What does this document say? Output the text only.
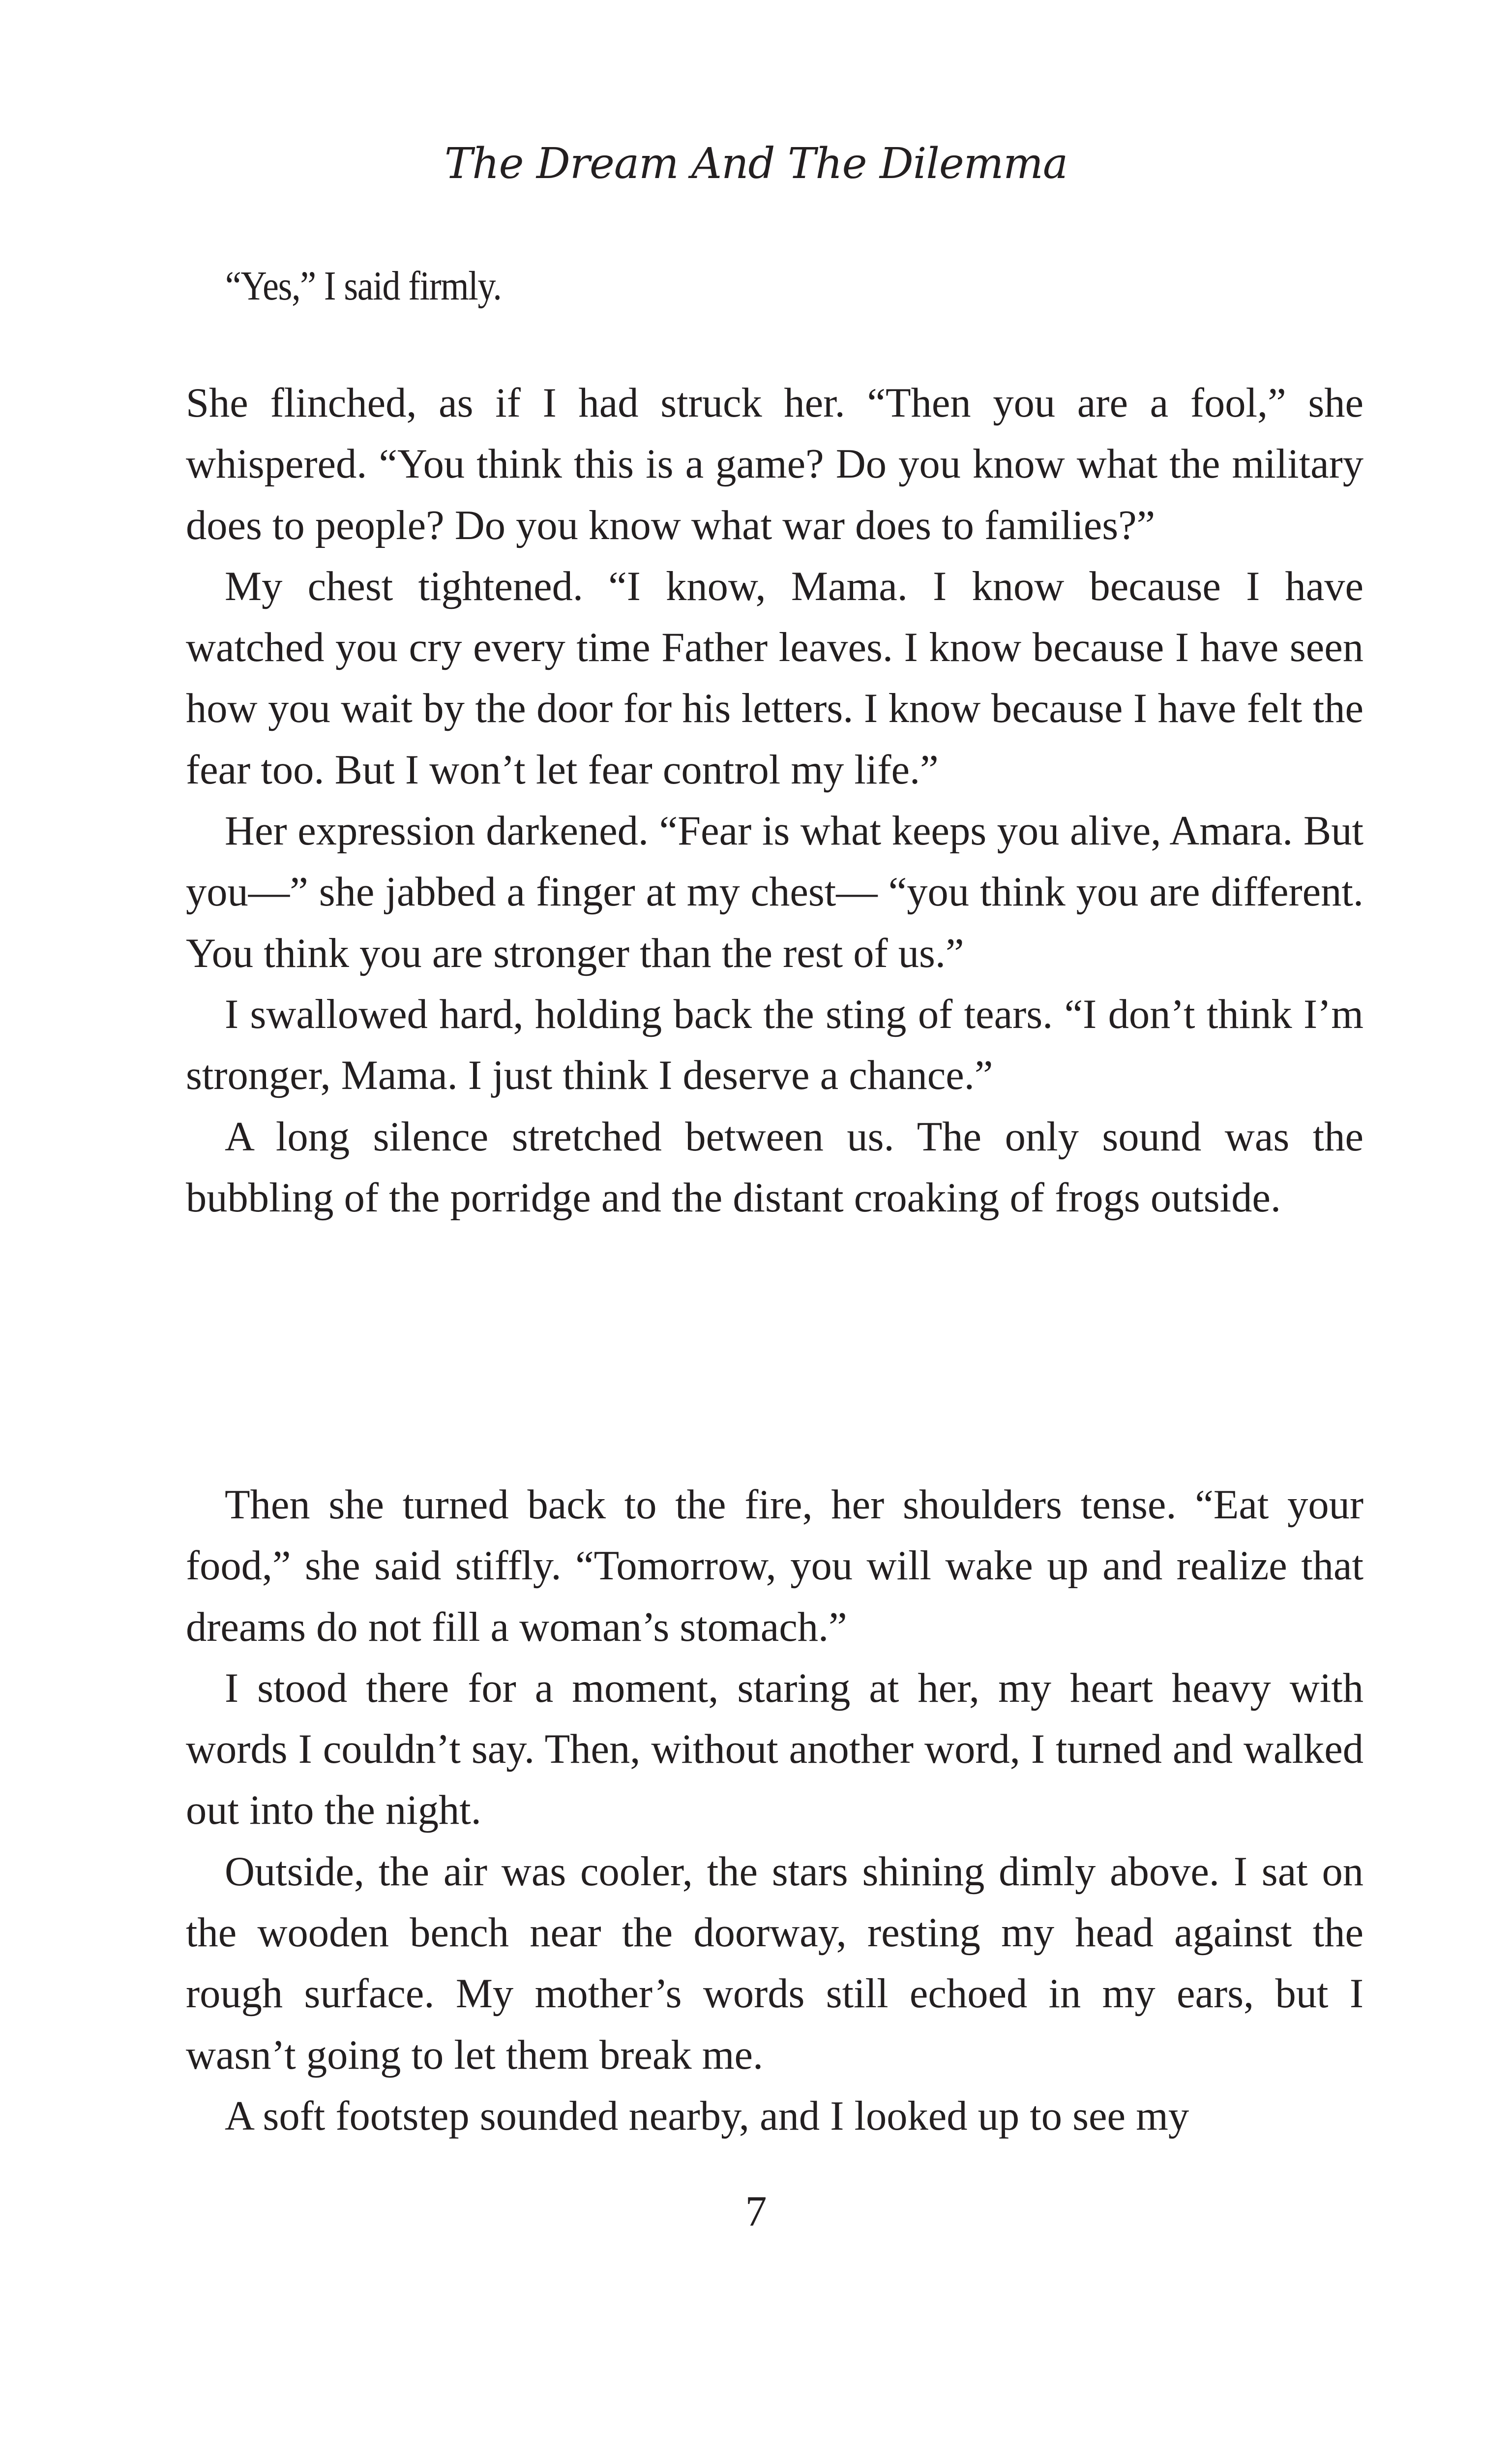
The Dream And The Dilemma
“Yes,” I said firmly.

She flinched, as if I had struck her. “Then you are a fool,” she whispered. “You think this is a game? Do you know what the military does to people? Do you know what war does to families?”

My chest tightened. “I know, Mama. I know because I have watched you cry every time Father leaves. I know because I have seen how you wait by the door for his letters. I know because I have felt the fear too. But I won’t let fear control my life.”

Her expression darkened. “Fear is what keeps you alive, Amara. But you—” she jabbed a finger at my chest— “you think you are different. You think you are stronger than the rest of us.”

I swallowed hard, holding back the sting of tears. “I don’t think I’m stronger, Mama. I just think I deserve a chance.”

A long silence stretched between us. The only sound was the bubbling of the porridge and the distant croaking of frogs outside.

Then she turned back to the fire, her shoulders tense. “Eat your food,” she said stiffly. “Tomorrow, you will wake up and realize that dreams do not fill a woman’s stomach.”

I stood there for a moment, staring at her, my heart heavy with words I couldn’t say. Then, without another word, I turned and walked out into the night.

Outside, the air was cooler, the stars shining dimly above. I sat on the wooden bench near the doorway, resting my head against the rough surface. My mother’s words still echoed in my ears, but I wasn’t going to let them break me.

A soft footstep sounded nearby, and I looked up to see my

7
